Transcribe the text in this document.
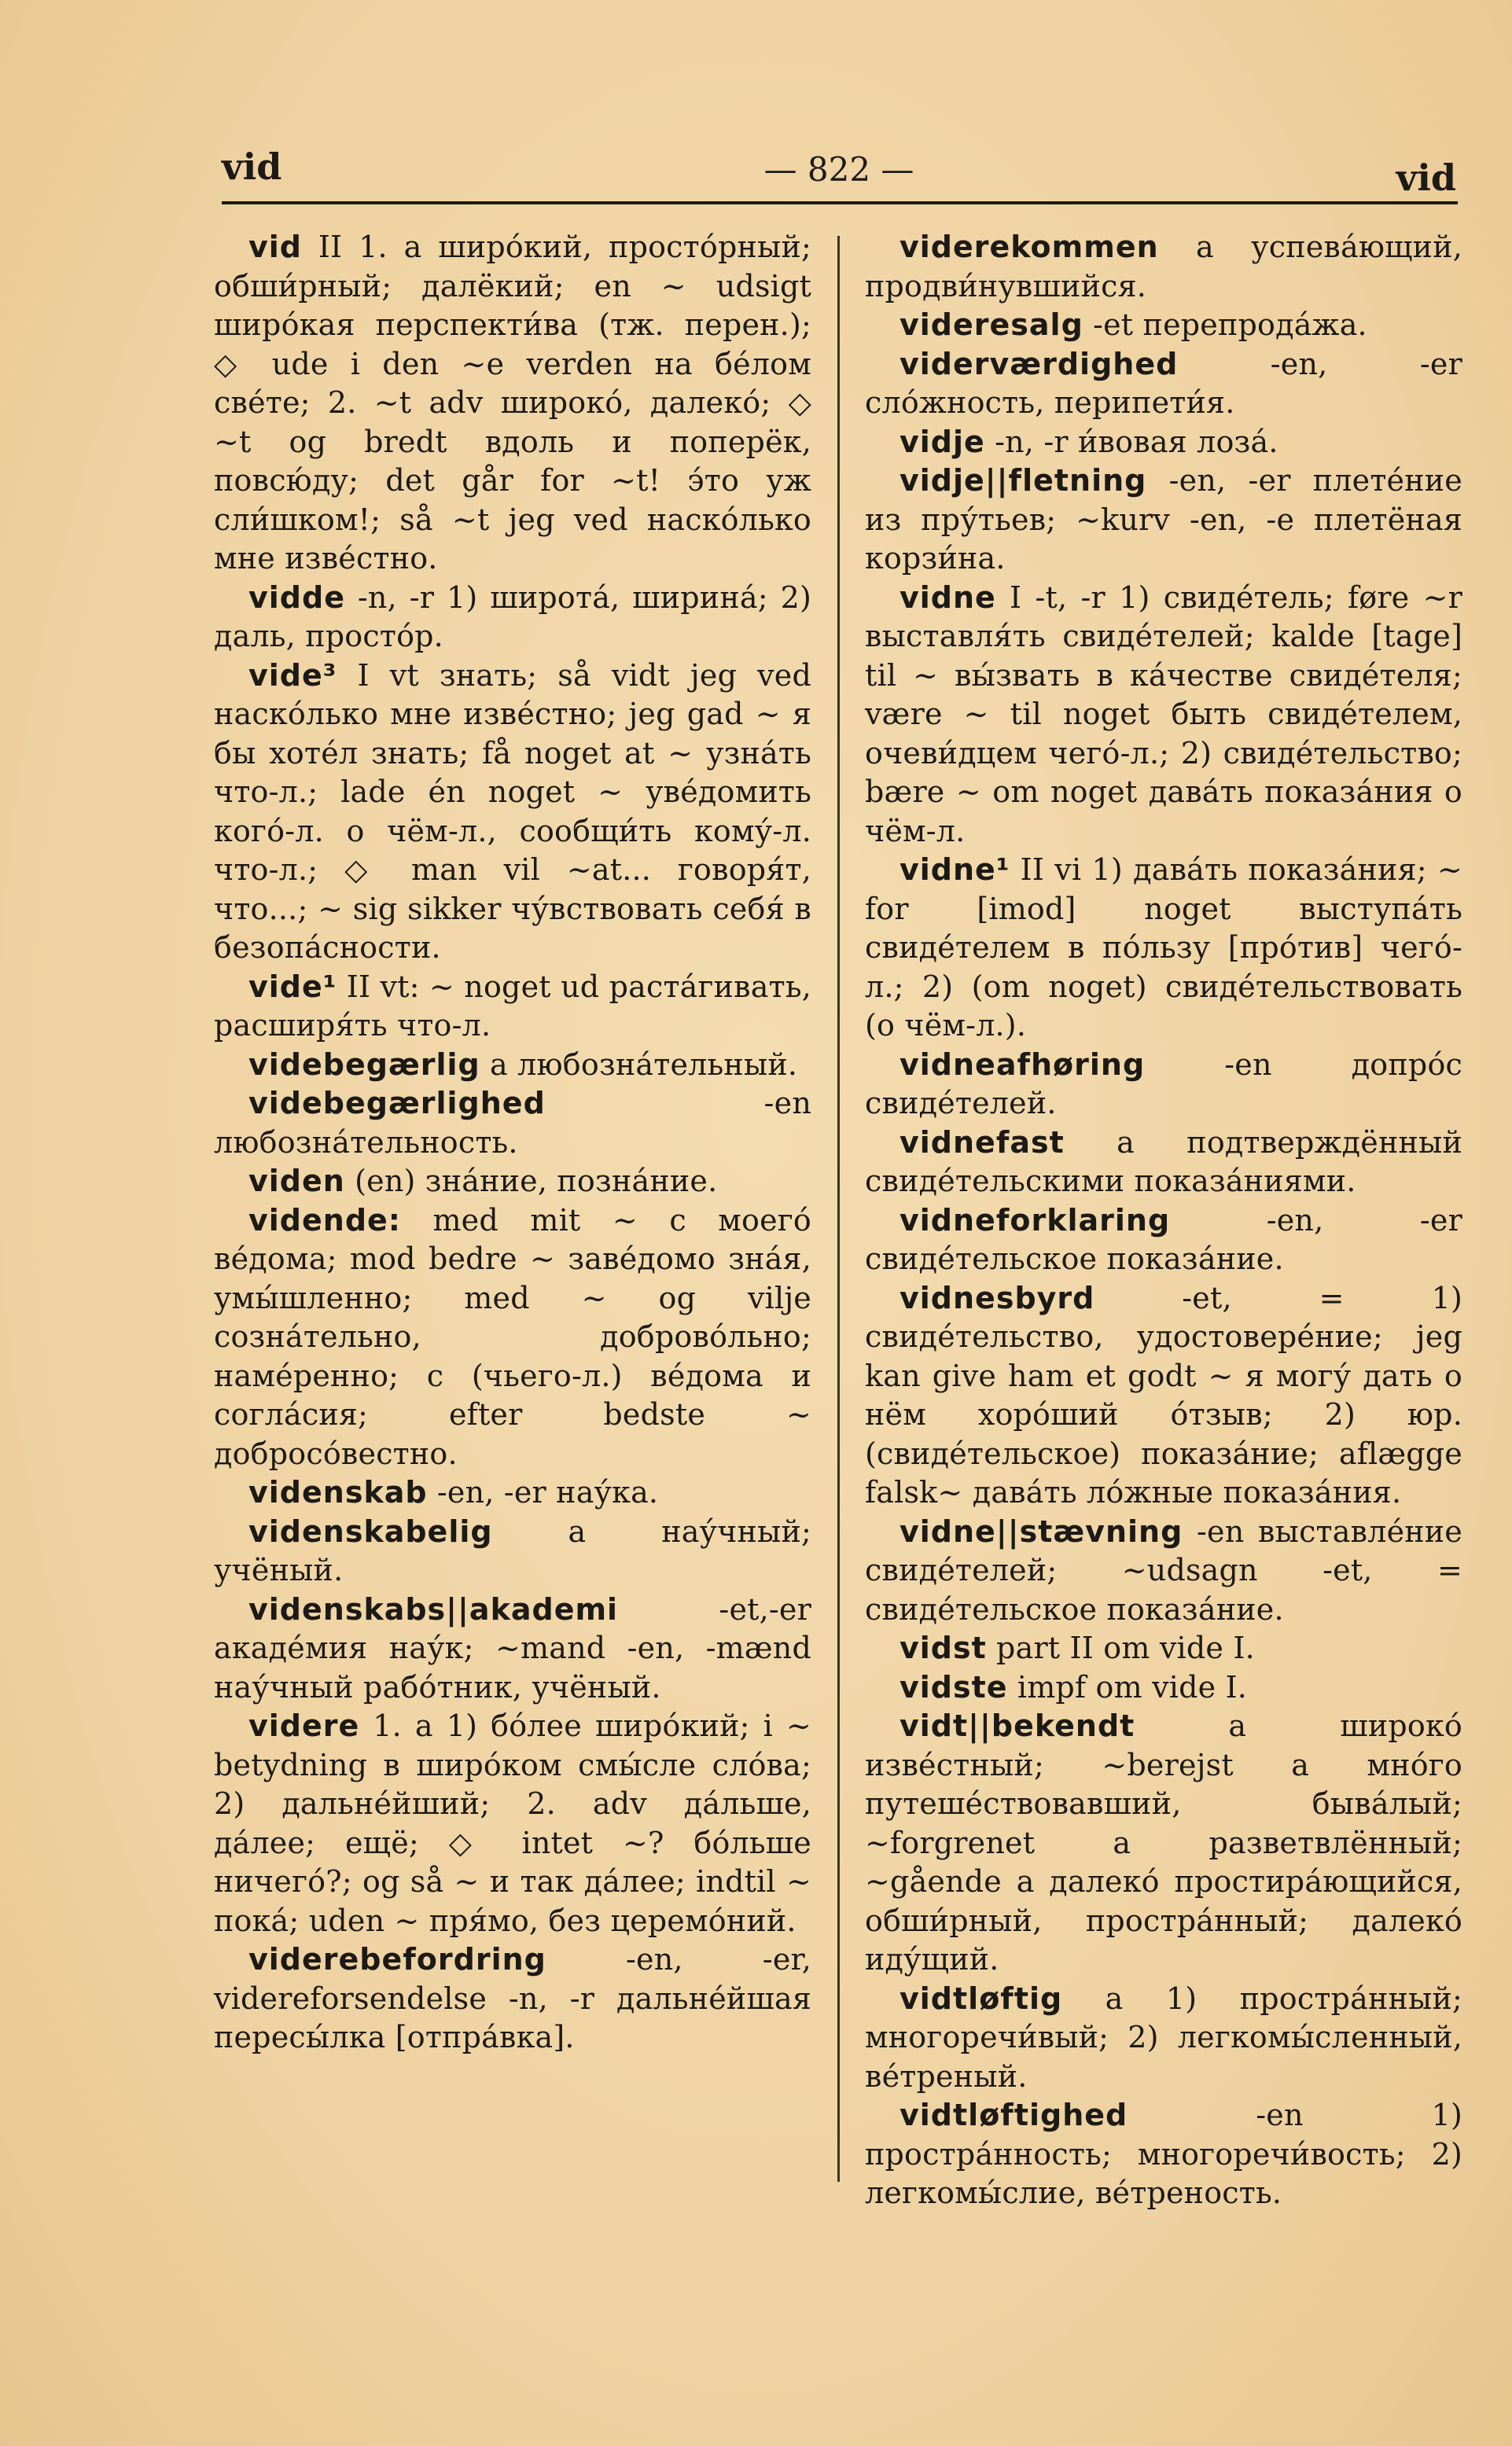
vid	— 822 —	vid

vid II 1. a широ́кий, просто́рный; обши́рный; далёкий; en ~ udsigt широ́кая перспекти́ва (тж. перен.); ◇ ude i den ~e verden на бе́лом све́те; 2. ~t adv широко́, далеко́; ◇ ~t og bredt вдоль и поперёк, повсю́ду; det går for ~t! э́то уж сли́шком!; så ~t jeg ved наско́лько мне изве́стно.

vidde -n, -r 1) широта́, ширина́; 2) даль, просто́р.

vide³ I vt знать; så vidt jeg ved наско́лько мне изве́стно; jeg gad ~ я бы хоте́л знать; få noget at ~ узна́ть что-л.; lade én noget ~ уве́домить кого́-л. о чём-л., сообщи́ть кому́-л. что-л.; ◇ man vil ~at... говоря́т, что...; ~ sig sikker чу́вствовать себя́ в безопа́сности.

vide¹ II vt: ~ noget ud раста́гивать, расширя́ть что-л.

videbegærlig a любозна́тельный.

videbegærlighed -en любозна́тельность.

viden (en) зна́ние, позна́ние.

vidende: med mit ~ с моего́ ве́дома; mod bedre ~ заве́домо зна́я, умы́шленно; med ~ og vilje созна́тельно, доброво́льно; наме́ренно; с (чьего-л.) ве́дома и согла́сия; efter bedste ~ добросо́вестно.

videnskab -en, -er нау́ка.

videnskabelig a нау́чный; учёный.

videnskabs||akademi -et,-er акаде́мия нау́к; ~mand -en, -mænd нау́чный рабо́тник, учёный.

videre 1. a 1) бо́лее широ́кий; i ~ betydning в широ́ком смы́сле сло́ва; 2) дальне́йший; 2. adv да́льше, да́лее; ещё; ◇ intet ~? бо́льше ничего́?; og så ~ и так да́лее; indtil ~ пока́; uden ~ пря́мо, без церемо́ний.

viderebefordring -en, -er, videreforsendelse -n, -r дальне́йшая пересы́лка [отпра́вка].

viderekommen a успева́ющий, продви́нувшийся.

videresalg -et перепрода́жа.

viderværdighed -en, -er сло́жность, перипети́я.

vidje -n, -r и́вовая лоза́.

vidje||fletning -en, -er плете́ние из пру́тьев; ~kurv -en, -e плетёная корзи́на.

vidne I -t, -r 1) свиде́тель; føre ~r выставля́ть свиде́телей; kalde [tage] til ~ вы́звать в ка́честве свиде́теля; være ~ til noget быть свиде́телем, очеви́дцем чего́-л.; 2) свиде́тельство; bære ~ om noget дава́ть показа́ния о чём-л.

vidne¹ II vi 1) дава́ть показа́ния; ~ for [imod] noget выступа́ть свиде́телем в по́льзу [про́тив] чего́-л.; 2) (om noget) свиде́тельствовать (о чём-л.).

vidneafhøring -en допро́с свиде́телей.

vidnefast a подтверждённый свиде́тельскими показа́ниями.

vidneforklaring -en, -er свиде́тельское показа́ние.

vidnesbyrd -et, = 1) свиде́тельство, удостовере́ние; jeg kan give ham et godt ~ я могу́ дать о нём хоро́ший о́тзыв; 2) юр. (свиде́тельское) показа́ние; aflægge falsk~ дава́ть ло́жные показа́ния.

vidne||stævning -en выставле́ние свиде́телей; ~udsagn -et, = свиде́тельское показа́ние.

vidst part II om vide I.

vidste impf om vide I.

vidt||bekendt a широко́ изве́стный; ~berejst a мно́го путеше́ствовавший, быва́лый; ~forgrenet a разветвлённый; ~gående a далеко́ простира́ющийся, обши́рный, простра́нный; далеко́ иду́щий.

vidtløftig a 1) простра́нный; многоречи́вый; 2) легкомы́сленный, ве́треный.

vidtløftighed -en 1) простра́нность; многоречи́вость; 2) легкомы́слие, ве́треность.
